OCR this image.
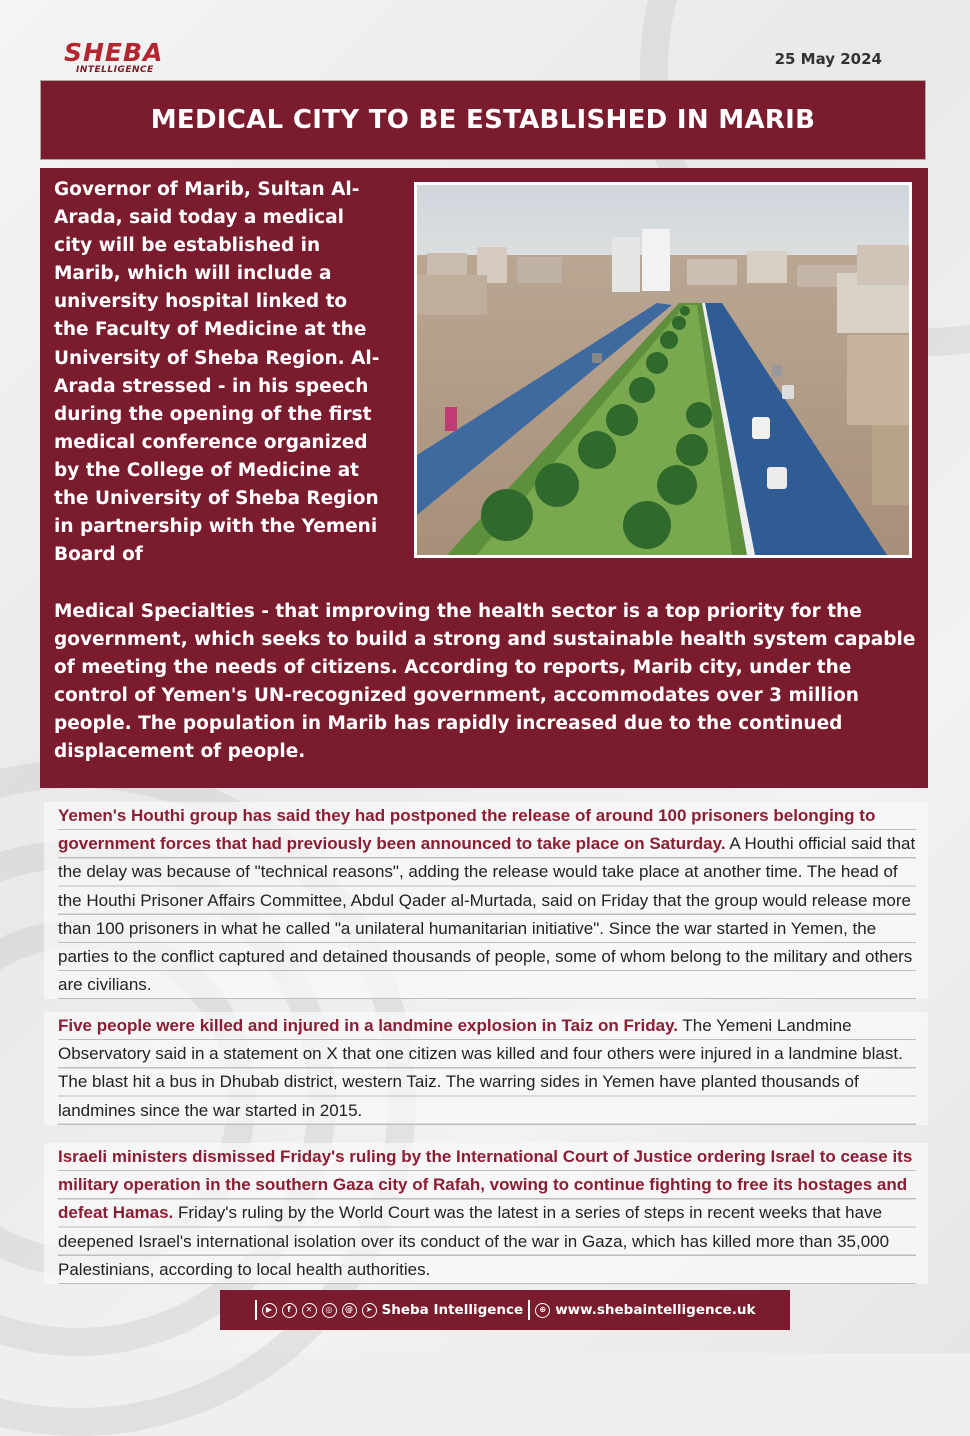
SHEBA
INTELLIGENCE
25 May 2024
MEDICAL CITY TO BE ESTABLISHED IN MARIB

Governor of Marib, Sultan Al-Arada, said today a medical city will be established in Marib, which will include a university hospital linked to the Faculty of Medicine at the University of Sheba Region. Al-Arada stressed - in his speech during the opening of the first medical conference organized by the College of Medicine at the University of Sheba Region in partnership with the Yemeni Board of

Medical Specialties - that improving the health sector is a top priority for the government, which seeks to build a strong and sustainable health system capable of meeting the needs of citizens. According to reports, Marib city, under the control of Yemen's UN-recognized government, accommodates over 3 million people. The population in Marib has rapidly increased due to the continued displacement of people.

Yemen's Houthi group has said they had postponed the release of around 100 prisoners belonging to government forces that had previously been announced to take place on Saturday. A Houthi official said that the delay was because of "technical reasons", adding the release would take place at another time. The head of the Houthi Prisoner Affairs Committee, Abdul Qader al-Murtada, said on Friday that the group would release more than 100 prisoners in what he called "a unilateral humanitarian initiative". Since the war started in Yemen, the parties to the conflict captured and detained thousands of people, some of whom belong to the military and others are civilians.

Five people were killed and injured in a landmine explosion in Taiz on Friday. The Yemeni Landmine Observatory said in a statement on X that one citizen was killed and four others were injured in a landmine blast. The blast hit a bus in Dhubab district, western Taiz. The warring sides in Yemen have planted thousands of landmines since the war started in 2015.

Israeli ministers dismissed Friday's ruling by the International Court of Justice ordering Israel to cease its military operation in the southern Gaza city of Rafah, vowing to continue fighting to free its hostages and defeat Hamas. Friday's ruling by the World Court was the latest in a series of steps in recent weeks that have deepened Israel's international isolation over its conduct of the war in Gaza, which has killed more than 35,000 Palestinians, according to local health authorities.

▶	f	✕	◎	@	➤ Sheba Intelligence	⊕ www.shebaintelligence.uk
